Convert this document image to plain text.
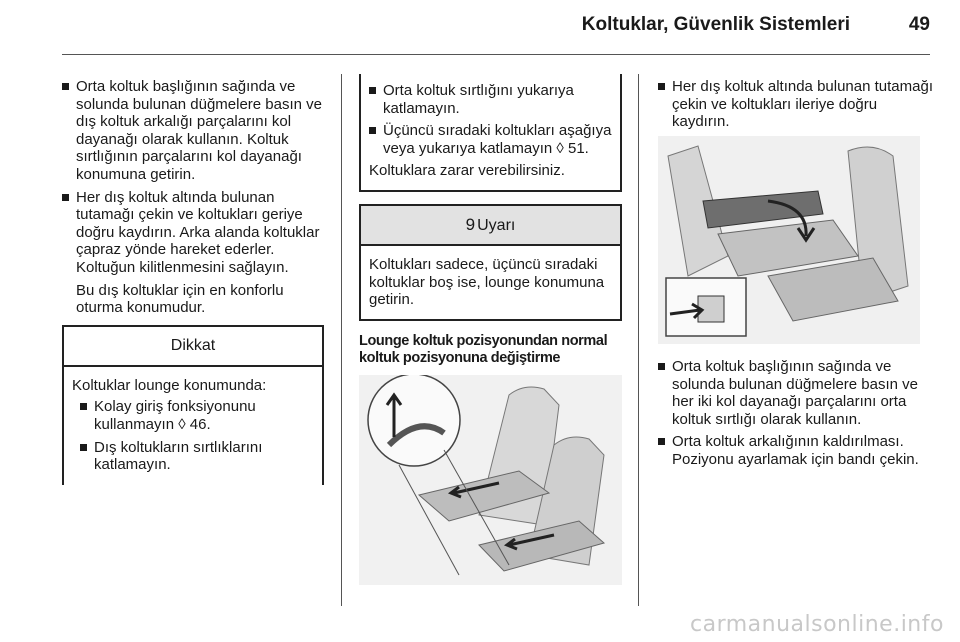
Koltuklar, Güvenlik Sistemleri	49
Orta koltuk başlığının sağında ve solunda bulunan düğmelere basın ve dış koltuk arkalığı parçalarını kol dayanağı olarak kullanın. Koltuk sırtlığının parçalarını kol dayanağı konumuna getirin.
Her dış koltuk altında bulunan tutamağı çekin ve koltukları geriye doğru kaydırın. Arka alanda koltuklar çapraz yönde hareket ederler. Koltuğun kilitlenmesini sağlayın.

Bu dış koltuklar için en konforlu oturma konumudur.

Dikkat

Koltuklar lounge konumunda:

Kolay giriş fonksiyonunu kullanmayın ◊ 46.
Dış koltukların sırtlıklarını katlamayın.
Orta koltuk sırtlığını yukarıya katlamayın.
Üçüncü sıradaki koltukları aşağıya veya yukarıya katlamayın ◊ 51.

Koltuklara zarar verebilirsiniz.

9 Uyarı
Koltukları sadece, üçüncü sıradaki koltuklar boş ise, lounge konumuna getirin.

Lounge koltuk pozisyonundan normal koltuk pozisyonuna değiştirme

Her dış koltuk altında bulunan tutamağı çekin ve koltukları ileriye doğru kaydırın.
Orta koltuk başlığının sağında ve solunda bulunan düğmelere basın ve her iki kol dayanağı parçalarını orta koltuk sırtlığı olarak kullanın.
Orta koltuk arkalığının kaldırılması. Poziyonu ayarlamak için bandı çekin.
carmanualsonline.info
